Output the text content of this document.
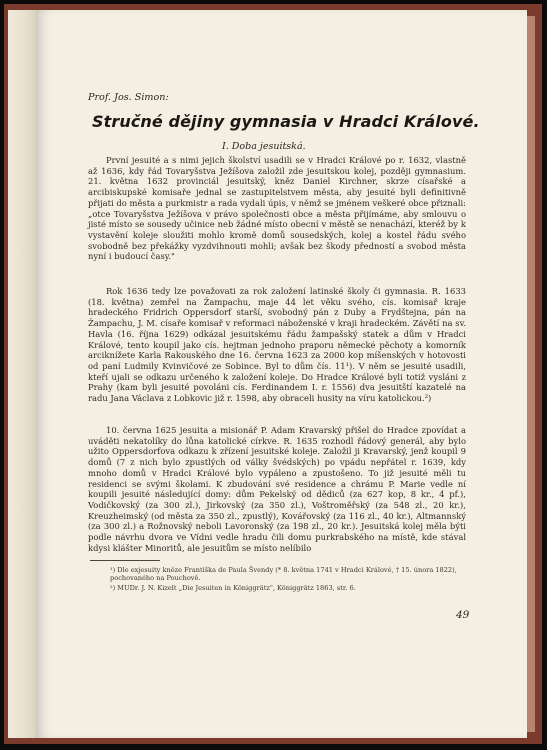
Prof. Jos. Simon:
Stručné dějiny gymnasia v Hradci Králové.
I. Doba jesuitská.

První jesuité a s nimi jejich školství usadili se v Hradci Králové po r. 1632, vlastně až 1636, kdy řád Tovaryšstva Ježíšova založil zde jesuitskou kolej, později gymnasium. 21. května 1632 provinciál jesuitský, kněz Daniel Kirchner, skrze císařské a arcibiskupské komisaře jednal se zastupitelstvem města, aby jesuité byli definitivně přijati do města a purkmistr a rada vydali úpis, v němž se jménem veškeré obce přiznali: „otce Tovaryšstva Ježíšova v právo společnosti obce a města přijímáme, aby smlouvu o jisté místo se sousedy učinice neb žádné místo obecní v městě se nenachází, kteréž by k vystavění koleje sloužiti mohlo kromě domů sousedských, kolej a kostel řádu svého svobodně bez překážky vyzdvihnouti mohli; avšak bez škody předností a svobod města nyní i budoucí časy."

Rok 1636 tedy lze považovati za rok založení latinské školy či gymnasia. R. 1633 (18. května) zemřel na Žampachu, maje 44 let věku svého, cís. komisař kraje hradeckého Fridrich Oppersdorf starší, svobodný pán z Duby a Frydštejna, pán na Žampachu, J. M. císaře komisař v reformaci náboženské v kraji hradeckém. Závětí na sv. Havla (16. října 1629) odkázal jesuitskému řádu žampašský statek a dům v Hradci Králové, tento koupil jako cís. hejtman jednoho praporu německé pěchoty a komorník arciknížete Karla Rakouského dne 16. června 1623 za 2000 kop míšenských v hotovosti od paní Ludmily Kvinvičové ze Sobince. Byl to dům čís. 11¹). V něm se jesuité usadili, kteří ujali se odkazu určeného k založení koleje. Do Hradce Králové byli totiž vysláni z Prahy (kam byli jesuité povoláni cís. Ferdinandem I. r. 1556) dva jesuitští kazatelé na radu Jana Václava z Lobkovic již r. 1598, aby obraceli husity na víru katolickou.²)

10. června 1625 jesuita a misionář P. Adam Kravarský přišel do Hradce zpovídat a uváděti nekatolíky do lůna katolické církve. R. 1635 rozhodl řádový generál, aby bylo užito Oppersdorfova odkazu k zřízení jesuitské koleje. Založil ji Kravarský, jenž koupil 9 domů (7 z nich bylo zpustlých od války švédských) po vpádu nepřátel r. 1639, kdy mnoho domů v Hradci Králové bylo vypáleno a zpustošeno. To již jesuité měli tu residenci se svými školami. K zbudování své residence a chrámu P. Marie vedle ní koupili jesuité následující domy: dům Pekelský od dědiců (za 627 kop, 8 kr., 4 pf.), Vodičkovský (za 300 zl.), Jirkovský (za 350 zl.), Voštroměřský (za 548 zl., 20 kr.), Kreuzheimský (od města za 350 zl., zpustlý), Kovářovský (za 116 zl., 40 kr.), Altmannský (za 300 zl.) a Rožnovský neboli Lavoronský (za 198 zl., 20 kr.). Jesuitská kolej měla býti podle návrhu dvora ve Vídni vedle hradu čili domu purkrabského na místě, kde stával kdysi klášter Minoritů, ale jesuitům se místo nelíbilo

¹) Dle exjesuity kněze Františka de Paula Švendy (* 8. května 1741 v Hradci Králové, † 15. února 1822), pochovaného na Pouchově.

²) MUDr. J. N. Kizelt „Die Jesuiten in Königgrätz", Königgrätz 1863, str. 6.

49
